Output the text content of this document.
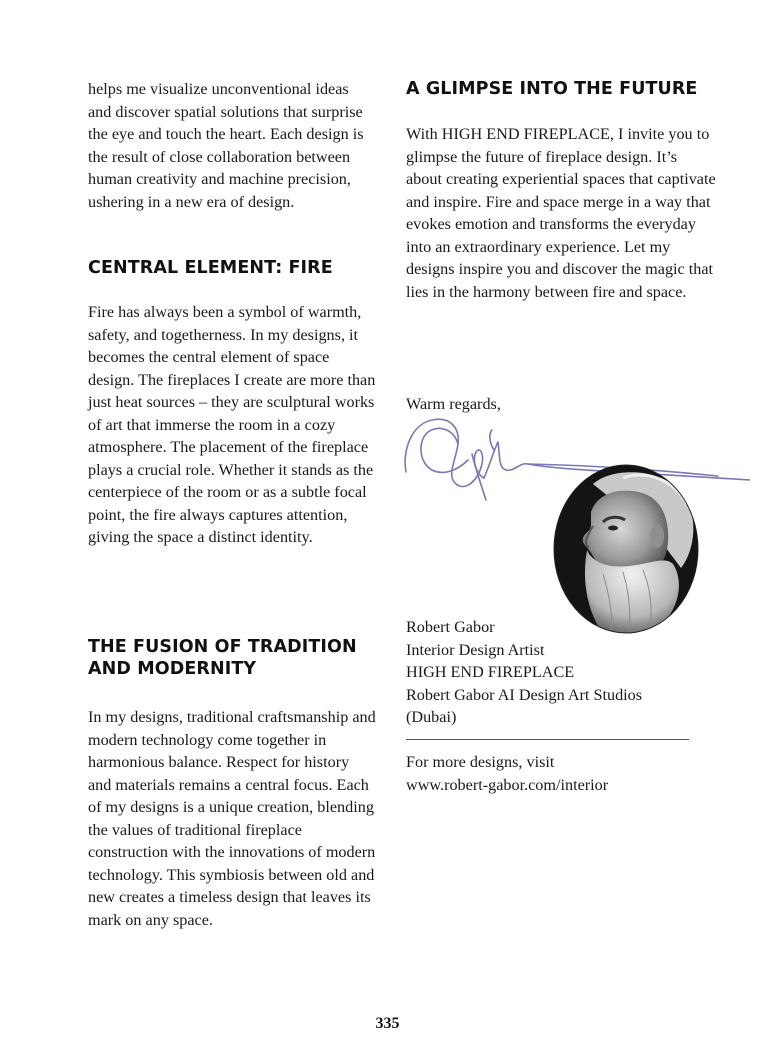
helps me visualize unconventional ideas and discover spatial solutions that surprise the eye and touch the heart. Each design is the result of close collaboration between human creativity and machine precision, ushering in a new era of design.

CENTRAL ELEMENT: FIRE

Fire has always been a symbol of warmth, safety, and togetherness. In my designs, it becomes the central element of space design. The fireplaces I create are more than just heat sources – they are sculptural works of art that immerse the room in a cozy atmosphere. The placement of the fireplace plays a crucial role. Whether it stands as the centerpiece of the room or as a subtle focal point, the fire always captures attention, giving the space a distinct identity.

THE FUSION OF TRADITION AND MODERNITY

In my designs, traditional craftsmanship and modern technology come together in harmonious balance. Respect for history and materials remains a central focus. Each of my designs is a unique creation, blending the values of traditional fireplace construction with the innovations of modern technology. This symbiosis between old and new creates a timeless design that leaves its mark on any space.

A GLIMPSE INTO THE FUTURE

With HIGH END FIREPLACE, I invite you to glimpse the future of fireplace design. It’s about creating experiential spaces that captivate and inspire. Fire and space merge in a way that evokes emotion and transforms the everyday into an extraordinary experience. Let my designs inspire you and discover the magic that lies in the harmony between fire and space.

Warm regards,

Robert Gabor

Interior Design Artist

HIGH END FIREPLACE

Robert Gabor AI Design Art Studios

(Dubai)

For more designs, visit

www.robert-gabor.com/interior

335
